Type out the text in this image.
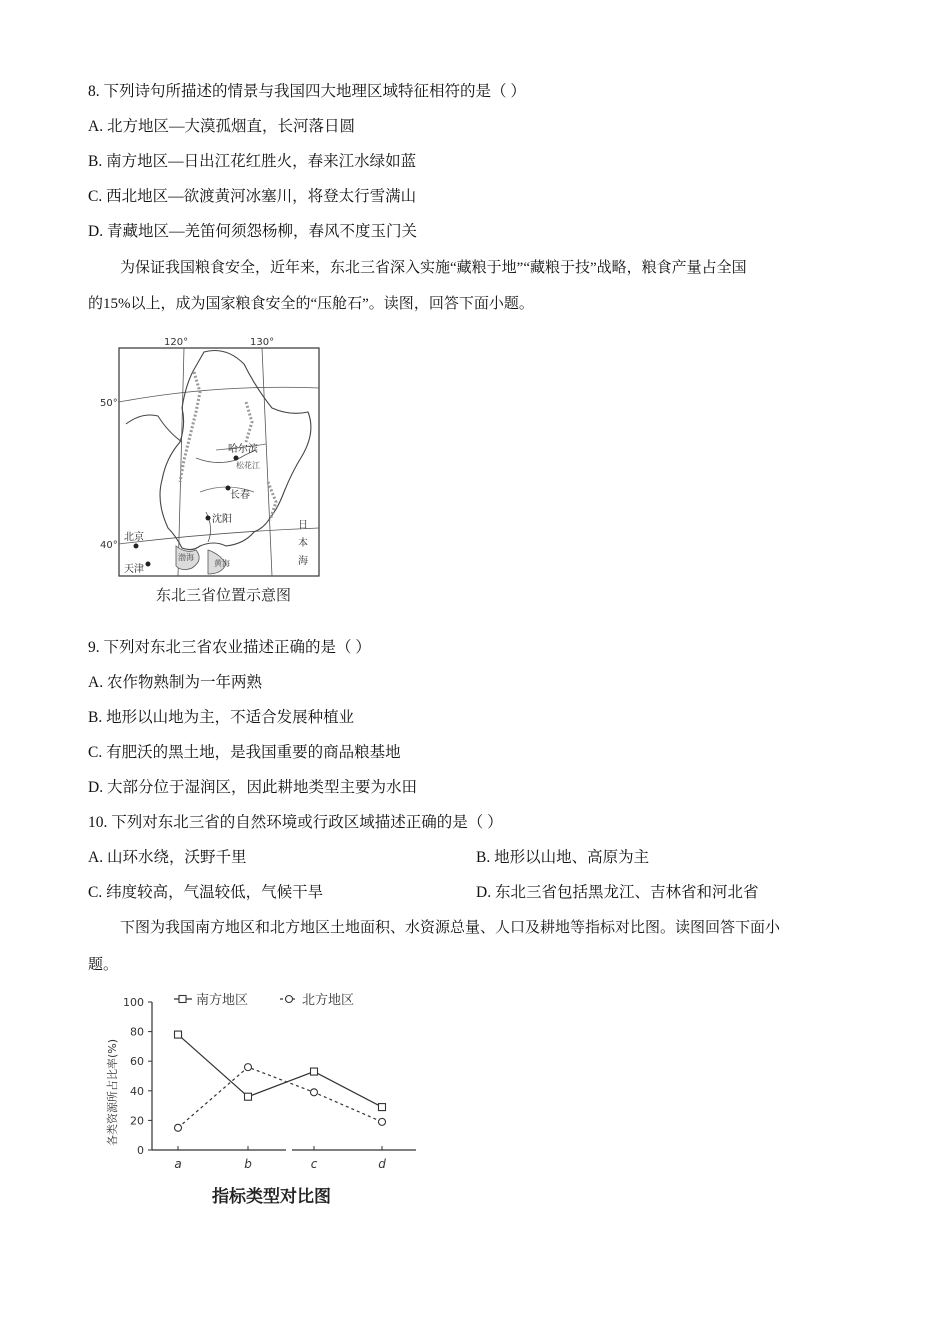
8. 下列诗句所描述的情景与我国四大地理区域特征相符的是（ ）
A. 北方地区—大漠孤烟直，长河落日圆
B. 南方地区—日出江花红胜火，春来江水绿如蓝
C. 西北地区—欲渡黄河冰塞川，将登太行雪满山
D. 青藏地区—羌笛何须怨杨柳，春风不度玉门关
为保证我国粮食安全，近年来，东北三省深入实施“藏粮于地”“藏粮于技”战略，粮食产量占全国
的15%以上，成为国家粮食安全的“压舱石”。读图，回答下面小题。
120°	130°
50°
40°
哈尔滨
松花江
长春
沈阳
北京
天津
渤海
黄海
日
本
海
东北三省位置示意图
9. 下列对东北三省农业描述正确的是（ ）
A. 农作物熟制为一年两熟
B. 地形以山地为主，不适合发展种植业
C. 有肥沃的黑土地，是我国重要的商品粮基地
D. 大部分位于湿润区，因此耕地类型主要为水田
10. 下列对东北三省的自然环境或行政区域描述正确的是（ ）
A. 山环水绕，沃野千里	B. 地形以山地、高原为主
C. 纬度较高，气温较低，气候干旱	D. 东北三省包括黑龙江、吉林省和河北省
下图为我国南方地区和北方地区土地面积、水资源总量、人口及耕地等指标对比图。读图回答下面小
题。
各类资源所占比率(%)
南方地区	北方地区
0
20
40
60
80
100
a	b	c	d
指标类型对比图
